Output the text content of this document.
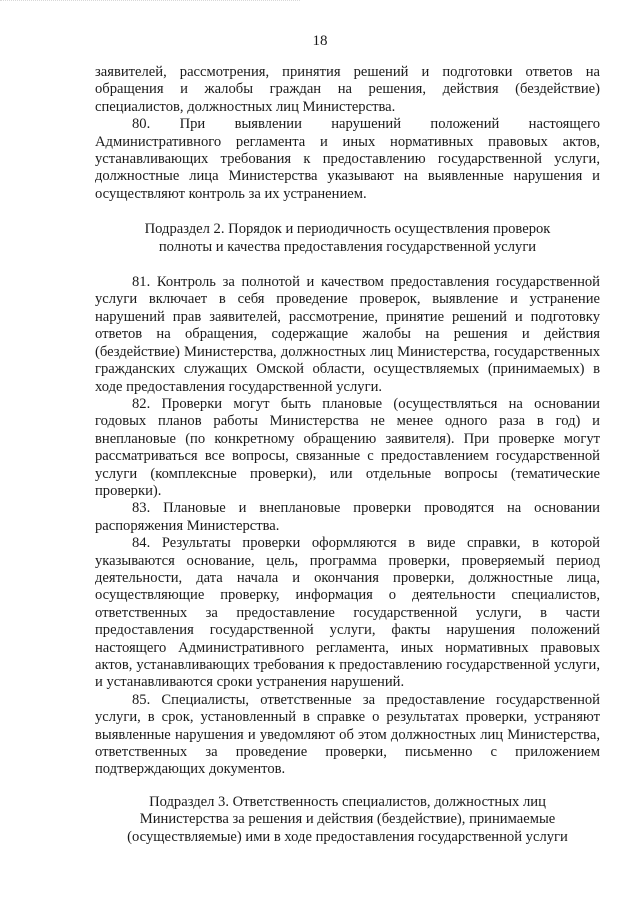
18

заявителей, рассмотрения, принятия решений и подготовки ответов на обращения и жалобы граждан на решения, действия (бездействие) специалистов, должностных лиц Министерства.

80. При выявлении нарушений положений настоящего Административного регламента и иных нормативных правовых актов, устанавливающих требования к предоставлению государственной услуги, должностные лица Министерства указывают на выявленные нарушения и осуществляют контроль за их устранением.

Подраздел 2. Порядок и периодичность осуществления проверок
полноты и качества предоставления государственной услуги

81. Контроль за полнотой и качеством предоставления государственной услуги включает в себя проведение проверок, выявление и устранение нарушений прав заявителей, рассмотрение, принятие решений и подготовку ответов на обращения, содержащие жалобы на решения и действия (бездействие) Министерства, должностных лиц Министерства, государственных гражданских служащих Омской области, осуществляемых (принимаемых) в ходе предоставления государственной услуги.

82. Проверки могут быть плановые (осуществляться на основании годовых планов работы Министерства не менее одного раза в год) и внеплановые (по конкретному обращению заявителя). При проверке могут рассматриваться все вопросы, связанные с предоставлением государственной услуги (комплексные проверки), или отдельные вопросы (тематические проверки).

83. Плановые и внеплановые проверки проводятся на основании распоряжения Министерства.

84. Результаты проверки оформляются в виде справки, в которой указываются основание, цель, программа проверки, проверяемый период деятельности, дата начала и окончания проверки, должностные лица, осуществляющие проверку, информация о деятельности специалистов, ответственных за предоставление государственной услуги, в части предоставления государственной услуги, факты нарушения положений настоящего Административного регламента, иных нормативных правовых актов, устанавливающих требования к предоставлению государственной услуги, и устанавливаются сроки устранения нарушений.

85. Специалисты, ответственные за предоставление государственной услуги, в срок, установленный в справке о результатах проверки, устраняют выявленные нарушения и уведомляют об этом должностных лиц Министерства, ответственных за проведение проверки, письменно с приложением подтверждающих документов.

Подраздел 3. Ответственность специалистов, должностных лиц
Министерства за решения и действия (бездействие), принимаемые
(осуществляемые) ими в ходе предоставления государственной услуги
